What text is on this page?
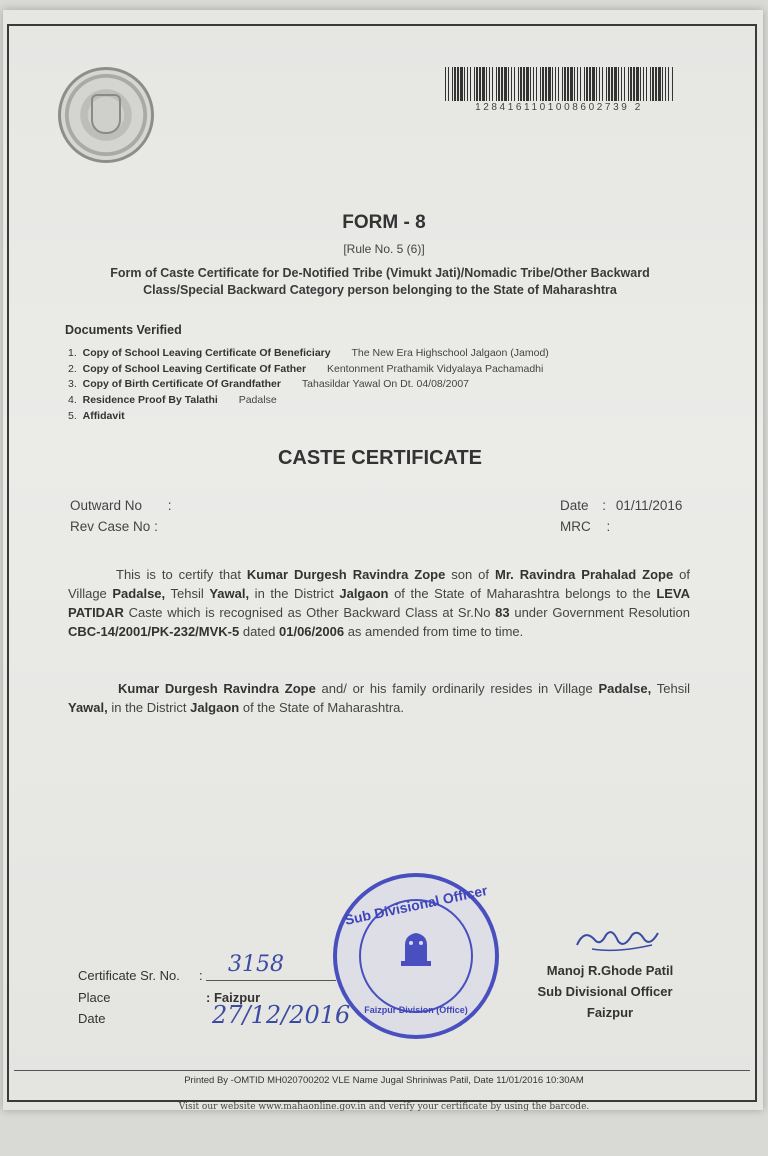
1284161101008602739 2
FORM - 8
[Rule No. 5 (6)]
Form of Caste Certificate for De-Notified Tribe (Vimukt Jati)/Nomadic Tribe/Other Backward
Class/Special Backward Category person belonging to the State of Maharashtra
Documents Verified
1. Copy of School Leaving Certificate Of Beneficiary The New Era Highschool Jalgaon (Jamod)
2. Copy of School Leaving Certificate Of Father Kentonment Prathamik Vidyalaya Pachamadhi
3. Copy of Birth Certificate Of Grandfather Tahasildar Yawal On Dt. 04/08/2007
4. Residence Proof By Talathi Padalse
5. Affidavit
CASTE CERTIFICATE
Outward No :
Rev Case No :
Date : 01/11/2016
MRC :
This is to certify that Kumar Durgesh Ravindra Zope son of Mr. Ravindra Prahalad Zope of Village Padalse, Tehsil Yawal, in the District Jalgaon of the State of Maharashtra belongs to the LEVA PATIDAR Caste which is recognised as Other Backward Class at Sr.No 83 under Government Resolution CBC-14/2001/PK-232/MVK-5 dated 01/06/2006 as amended from time to time.
Kumar Durgesh Ravindra Zope and/ or his family ordinarily resides in Village Padalse, Tehsil Yawal, in the District Jalgaon of the State of Maharashtra.
Certificate Sr. No. : 3158
Place	: Faizpur
Date	27/12/2016
Sub Divisional Officer
Faizpur Division (Office)
Manoj R.Ghode Patil
Sub Divisional Officer
Faizpur
Printed By -OMTID MH020700202 VLE Name Jugal Shriniwas Patil, Date 11/01/2016 10:30AM
Visit our website www.mahaonline.gov.in and verify your certificate by using the barcode.
